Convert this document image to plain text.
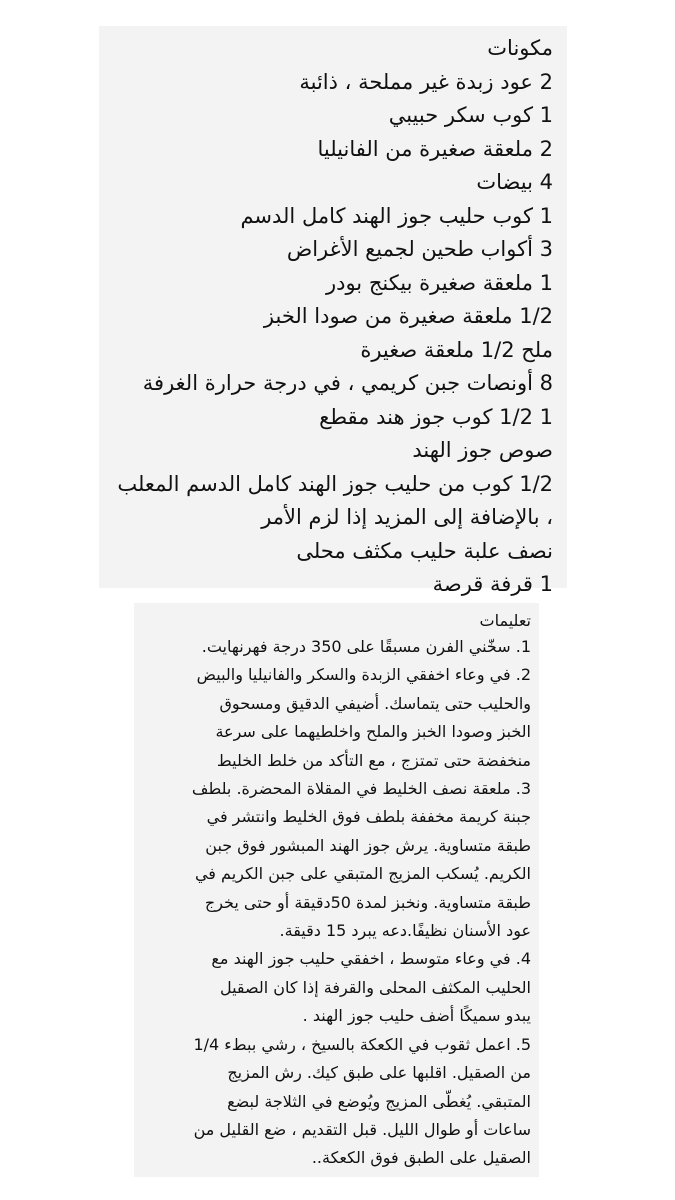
مكونات
2 عود زبدة غير مملحة ، ذائبة
1 كوب سكر حبيبي
2 ملعقة صغيرة من الفانيليا
4 بيضات
1 كوب حليب جوز الهند كامل الدسم
3 أكواب طحين لجميع الأغراض
1 ملعقة صغيرة بيكنج بودر
1/2 ملعقة صغيرة من صودا الخبز
ملح 1/2 ملعقة صغيرة
8 أونصات جبن كريمي ، في درجة حرارة الغرفة
1 1/2 كوب جوز هند مقطع
صوص جوز الهند
1/2 كوب من حليب جوز الهند كامل الدسم المعلب
، بالإضافة إلى المزيد إذا لزم الأمر
نصف علبة حليب مكثف محلى
1 قرفة قرصة
تعليمات
1. سخّني الفرن مسبقًا على 350 درجة فهرنهايت.
2. في وعاء اخفقي الزبدة والسكر والفانيليا والبيض
والحليب حتى يتماسك. أضيفي الدقيق ومسحوق
الخبز وصودا الخبز والملح واخلطيهما على سرعة
منخفضة حتى تمتزج ، مع التأكد من خلط الخليط
3. ملعقة نصف الخليط في المقلاة المحضرة. بلطف
جبنة كريمة مخففة بلطف فوق الخليط وانتشر في
طبقة متساوية. يرش جوز الهند المبشور فوق جبن
الكريم. يُسكب المزيج المتبقي على جبن الكريم في
طبقة متساوية. ونخبز لمدة 50دقيقة أو حتى يخرج
عود الأسنان نظيفًا.دعه يبرد 15 دقيقة.
4. في وعاء متوسط ، اخفقي حليب جوز الهند مع
الحليب المكثف المحلى والقرفة إذا كان الصقيل
يبدو سميكًا أضف حليب جوز الهند .
5. اعمل ثقوب في الكعكة بالسيخ ، رشي ببطء 1/4
من الصقيل. اقلبها على طبق كيك. رش المزيج
المتبقي. يُغطّى المزيج ويُوضع في الثلاجة لبضع
ساعات أو طوال الليل. قبل التقديم ، ضع القليل من
الصقيل على الطبق فوق الكعكة..
